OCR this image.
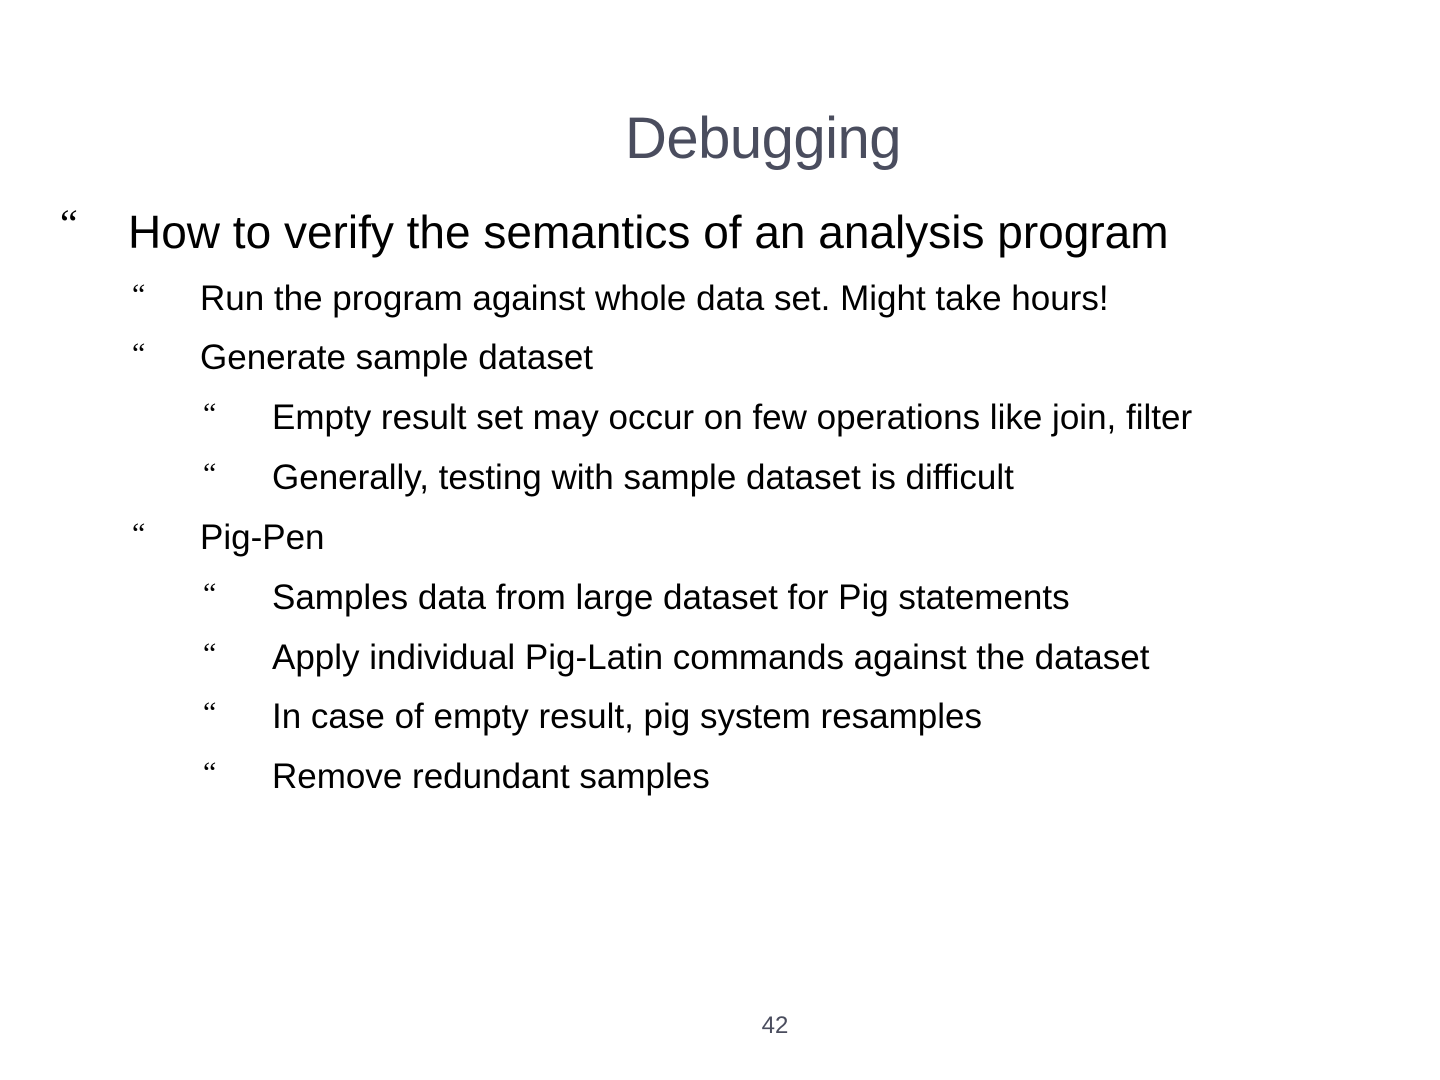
Debugging
“ How to verify the semantics of an analysis program
“ Run the program against whole data set. Might take hours!
“ Generate sample dataset
“ Empty result set may occur on few operations like join, filter
“ Generally, testing with sample dataset is difficult
“ Pig-Pen
“ Samples data from large dataset for Pig statements
“ Apply individual Pig-Latin commands against the dataset
“ In case of empty result, pig system resamples
“ Remove redundant samples
42
